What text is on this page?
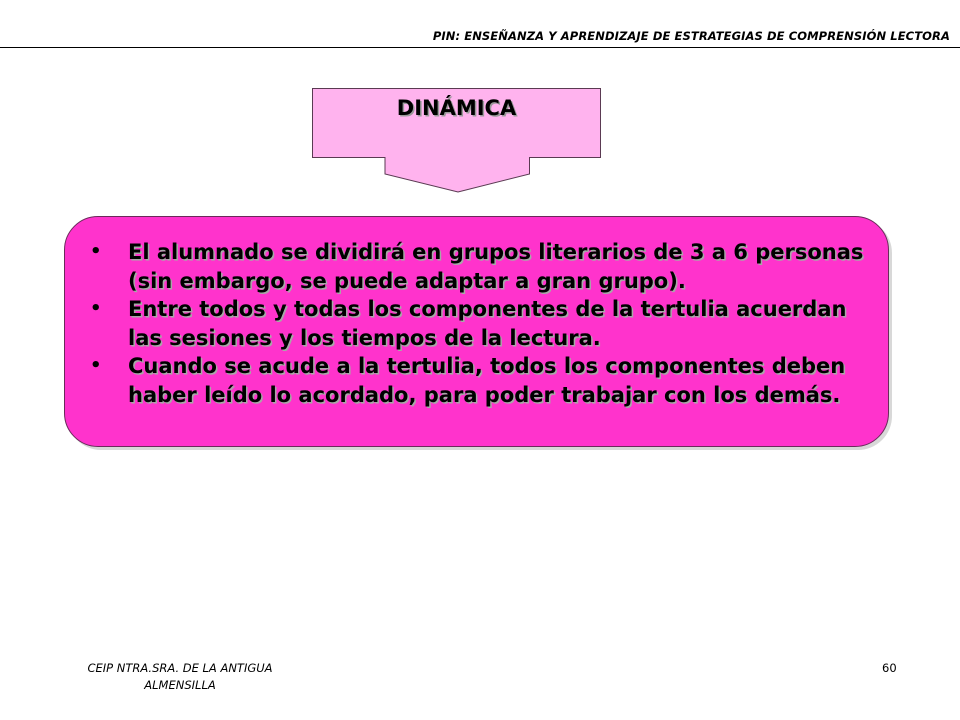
PIN: ENSEÑANZA Y APRENDIZAJE DE ESTRATEGIAS DE COMPRENSIÓN LECTORA
DINÁMICA
• El alumnado se dividirá en grupos literarios de 3 a 6 personas (sin embargo, se puede adaptar a gran grupo).
• Entre todos y todas los componentes de la tertulia acuerdan las sesiones y los tiempos de la lectura.
• Cuando se acude a la tertulia, todos los componentes deben haber leído lo acordado, para poder trabajar con los demás.
CEIP NTRA.SRA. DE LA ANTIGUA
ALMENSILLA
60
